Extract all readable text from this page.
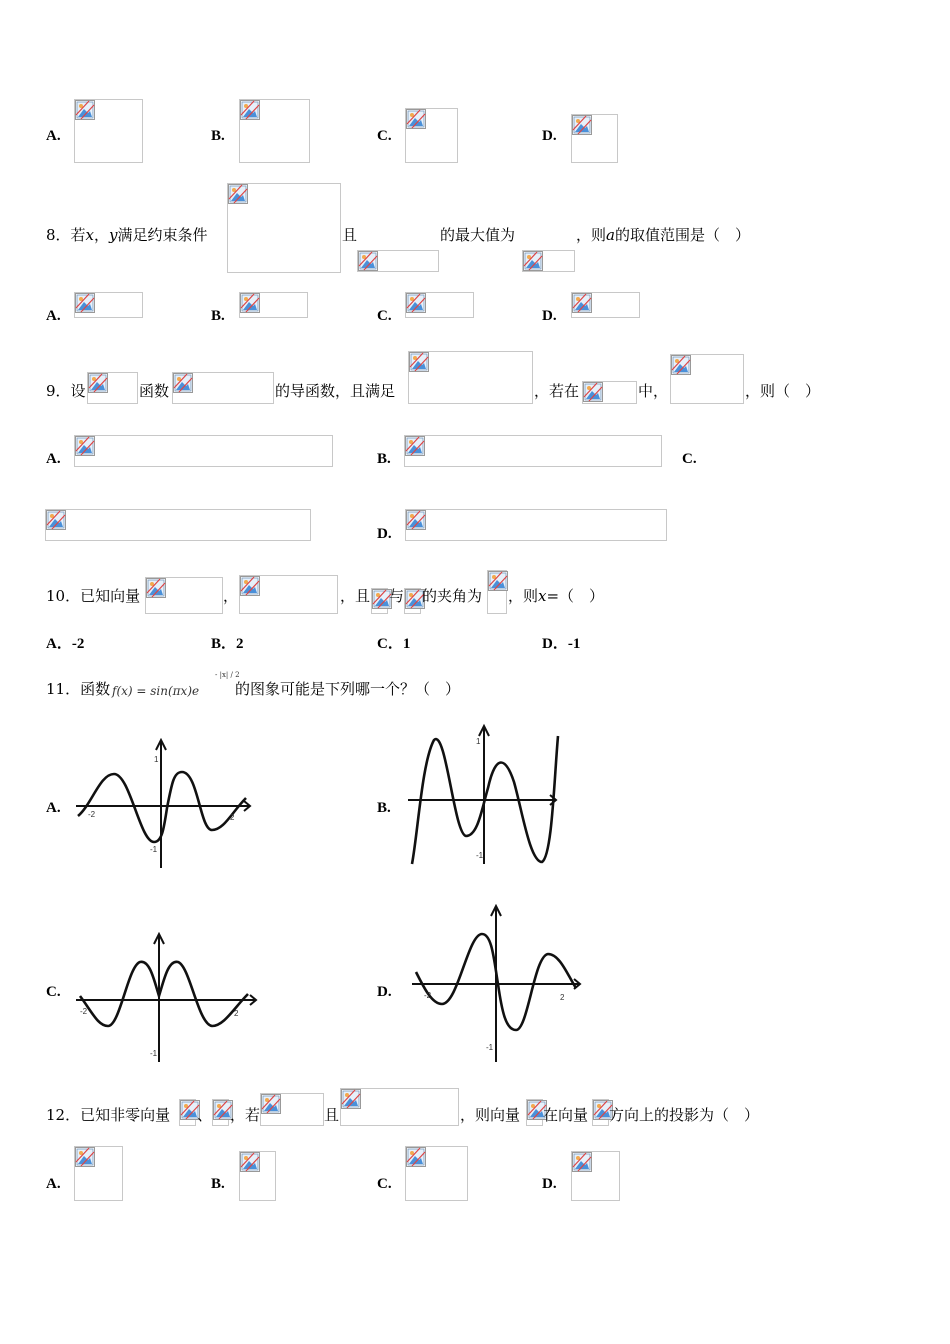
A.	B.	C.	D.
8．若x，y满足约束条件	且	的最大值为	，则a的取值范围是（　）
A.	B.	C.	D.
9．设	函数	的导函数，且满足	，若在	中，	，则（　）
A.	B.	C.
D.
10．已知向量	，	，且 与 的夹角为 ，则x=（　）
A．-2	B．2	C．1	D．-1
11．函数 f(x) = sin(πx)e
- |x| / 2
的图象可能是下列哪一个？（　）
A.	-2	2
1
-1
B.
1
-1
C.
-2	2
-1
D.	-2	2
-1
12．已知非零向量 、 ，若	且	，则向量 在向量 方向上的投影为（　）
A.	B.	C.	D.
